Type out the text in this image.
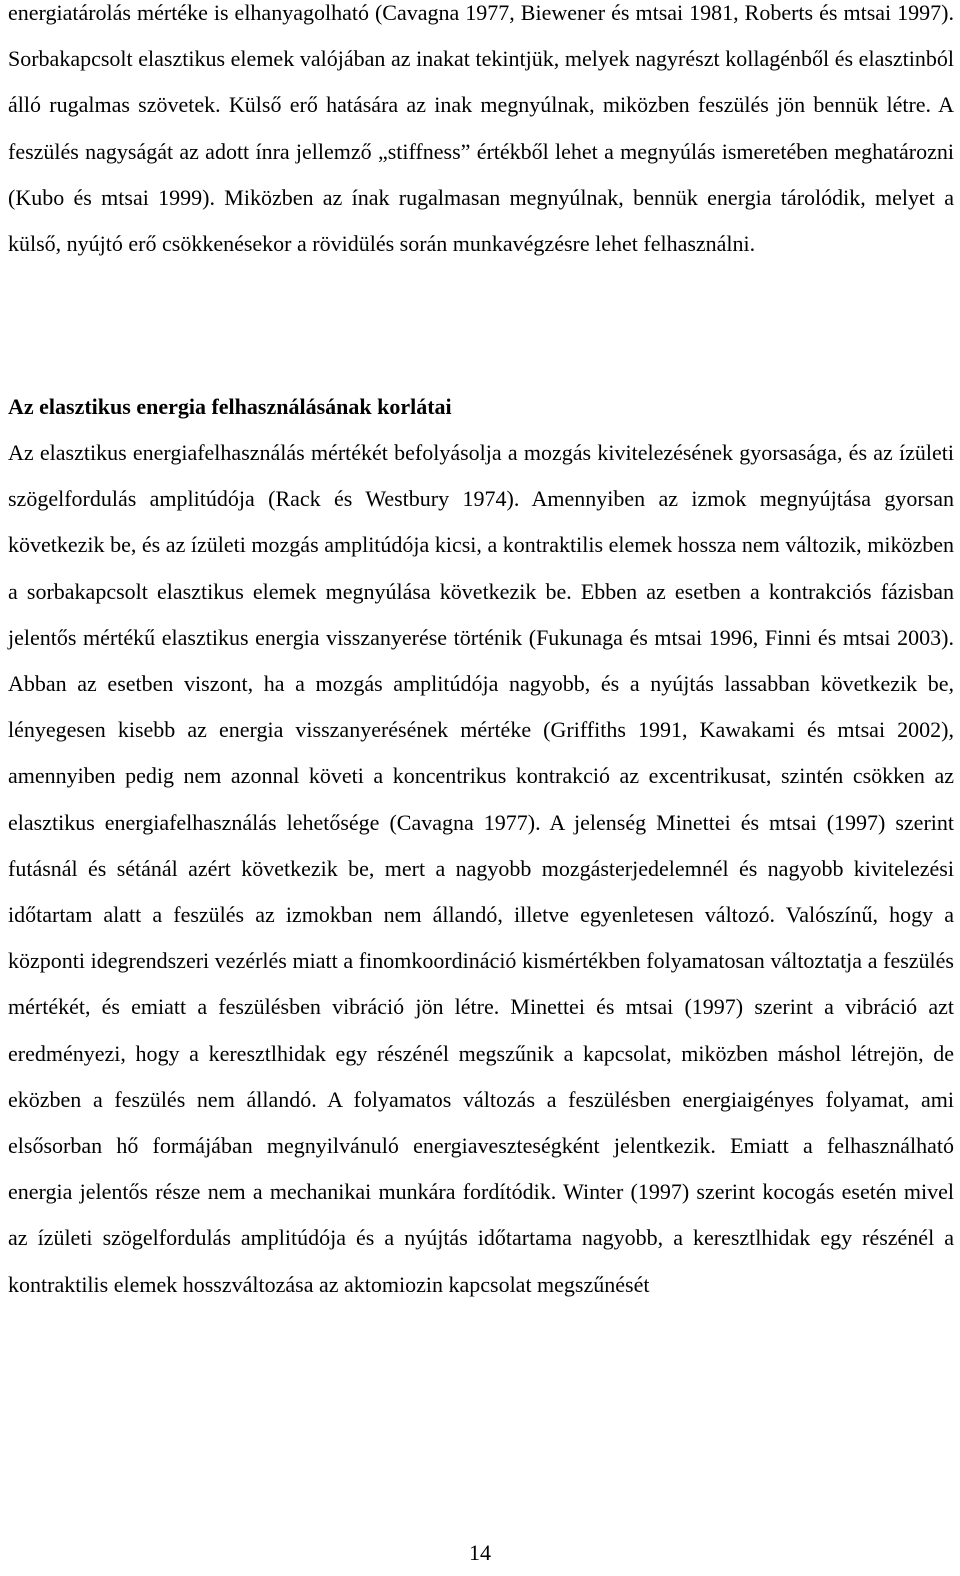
energiatárolás mértéke is elhanyagolható (Cavagna 1977, Biewener és mtsai 1981, Roberts és mtsai 1997). Sorbakapcsolt elasztikus elemek valójában az inakat tekintjük, melyek nagyrészt kollagénből és elasztinból álló rugalmas szövetek. Külső erő hatására az inak megnyúlnak, miközben feszülés jön bennük létre. A feszülés nagyságát az adott ínra jellemző „stiffness” értékből lehet a megnyúlás ismeretében meghatározni (Kubo és mtsai 1999). Miközben az ínak rugalmasan megnyúlnak, bennük energia tárolódik, melyet a külső, nyújtó erő csökkenésekor a rövidülés során munkavégzésre lehet felhasználni.

Az elasztikus energia felhasználásának korlátai

Az elasztikus energiafelhasználás mértékét befolyásolja a mozgás kivitelezésének gyorsasága, és az ízületi szögelfordulás amplitúdója (Rack és Westbury 1974). Amennyiben az izmok megnyújtása gyorsan következik be, és az ízületi mozgás amplitúdója kicsi, a kontraktilis elemek hossza nem változik, miközben a sorbakapcsolt elasztikus elemek megnyúlása következik be. Ebben az esetben a kontrakciós fázisban jelentős mértékű elasztikus energia visszanyerése történik (Fukunaga és mtsai 1996, Finni és mtsai 2003). Abban az esetben viszont, ha a mozgás amplitúdója nagyobb, és a nyújtás lassabban következik be, lényegesen kisebb az energia visszanyerésének mértéke (Griffiths 1991, Kawakami és mtsai 2002), amennyiben pedig nem azonnal követi a koncentrikus kontrakció az excentrikusat, szintén csökken az elasztikus energiafelhasználás lehetősége (Cavagna 1977). A jelenség Minettei és mtsai (1997) szerint futásnál és sétánál azért következik be, mert a nagyobb mozgásterjedelemnél és nagyobb kivitelezési időtartam alatt a feszülés az izmokban nem állandó, illetve egyenletesen változó. Valószínű, hogy a központi idegrendszeri vezérlés miatt a finomkoordináció kismértékben folyamatosan változtatja a feszülés mértékét, és emiatt a feszülésben vibráció jön létre. Minettei és mtsai (1997) szerint a vibráció azt eredményezi, hogy a keresztlhidak egy részénél megszűnik a kapcsolat, miközben máshol létrejön, de eközben a feszülés nem állandó. A folyamatos változás a feszülésben energiaigényes folyamat, ami elsősorban hő formájában megnyilvánuló energiaveszteségként jelentkezik. Emiatt a felhasználható energia jelentős része nem a mechanikai munkára fordítódik. Winter (1997) szerint kocogás esetén mivel az ízületi szögelfordulás amplitúdója és a nyújtás időtartama nagyobb, a keresztlhidak egy részénél a kontraktilis elemek hosszváltozása az aktomiozin kapcsolat megszűnését

14
